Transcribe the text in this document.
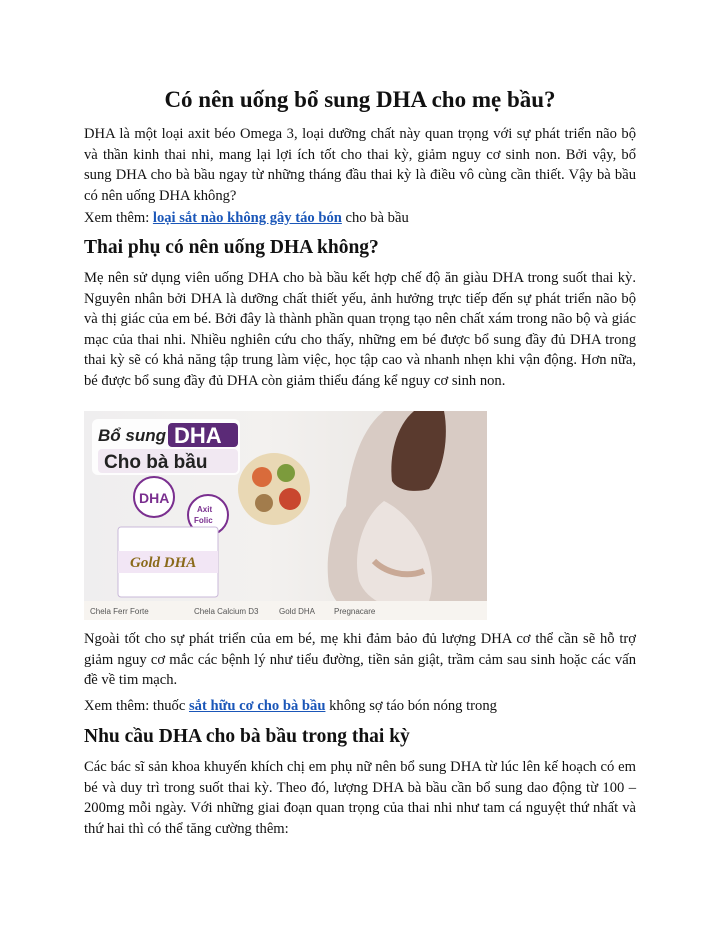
Có nên uống bổ sung DHA cho mẹ bầu?

DHA là một loại axit béo Omega 3, loại dưỡng chất này quan trọng với sự phát triển não bộ và thần kinh thai nhi, mang lại lợi ích tốt cho thai kỳ, giảm nguy cơ sinh non. Bởi vậy, bổ sung DHA cho bà bầu ngay từ những tháng đầu thai kỳ là điều vô cùng cần thiết. Vậy bà bầu có nên uống DHA không?

Xem thêm: loại sắt nào không gây táo bón cho bà bầu

Thai phụ có nên uống DHA không?

Mẹ nên sử dụng viên uống DHA cho bà bầu kết hợp chế độ ăn giàu DHA trong suốt thai kỳ. Nguyên nhân bởi DHA là dưỡng chất thiết yếu, ảnh hưởng trực tiếp đến sự phát triển não bộ và thị giác của em bé. Bởi đây là thành phần quan trọng tạo nên chất xám trong não bộ và giác mạc của thai nhi. Nhiều nghiên cứu cho thấy, những em bé được bổ sung đầy đủ DHA trong thai kỳ sẽ có khả năng tập trung làm việc, học tập cao và nhanh nhẹn khi vận động. Hơn nữa, bé được bổ sung đầy đủ DHA còn giảm thiểu đáng kể nguy cơ sinh non.

Bổ sung DHA
Cho bà bầu
DHA
Axit
Folic
Gold DHA
Chela Ferr Forte	Chela Calcium D3	Gold DHA Pregnacare

Ngoài tốt cho sự phát triển của em bé, mẹ khi đảm bảo đủ lượng DHA cơ thể cần sẽ hỗ trợ giảm nguy cơ mắc các bệnh lý như tiểu đường, tiền sản giật, trầm cảm sau sinh hoặc các vấn đề về tim mạch.

Xem thêm: thuốc sắt hữu cơ cho bà bầu không sợ táo bón nóng trong

Nhu cầu DHA cho bà bầu trong thai kỳ

Các bác sĩ sản khoa khuyến khích chị em phụ nữ nên bổ sung DHA từ lúc lên kế hoạch có em bé và duy trì trong suốt thai kỳ. Theo đó, lượng DHA bà bầu cần bổ sung dao động từ 100 – 200mg mỗi ngày. Với những giai đoạn quan trọng của thai nhi như tam cá nguyệt thứ nhất và thứ hai thì có thể tăng cường thêm:
